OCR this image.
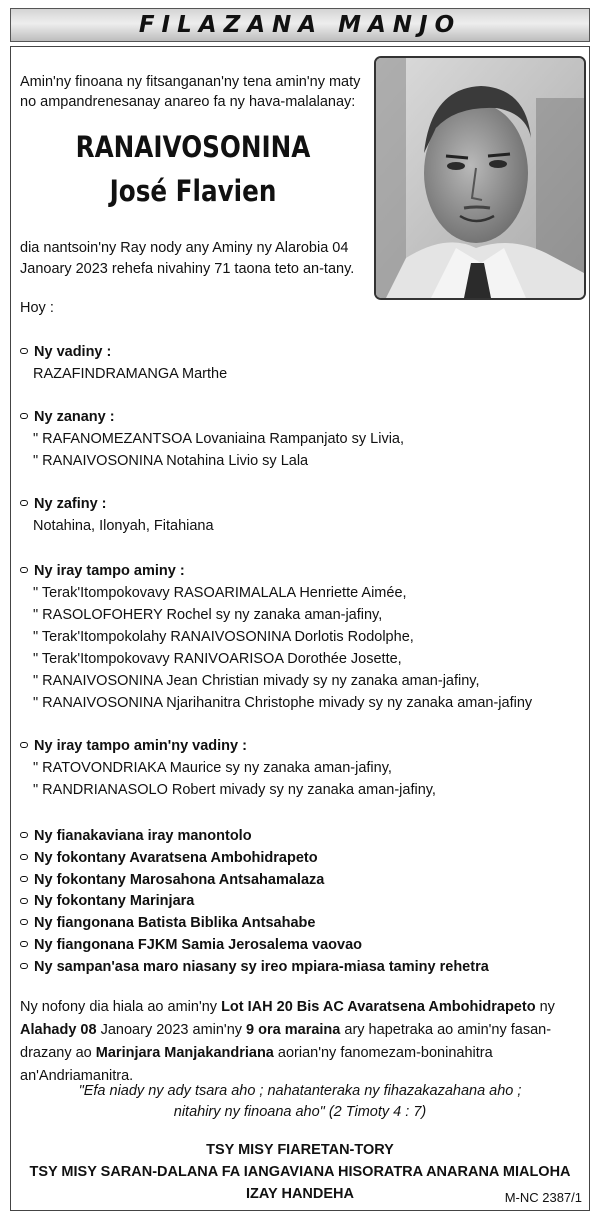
FILAZANA MANJO
Amin'ny finoana ny fitsanganan'ny tena amin'ny maty no ampandrenesanay anareo fa ny hava-malalanay:
RANAIVOSONINA
José Flavien
dia nantsoin'ny Ray nody any Aminy ny Alarobia 04 Janoary 2023 rehefa nivahiny 71 taona teto an-tany.
Hoy :
Ny vadiny :
RAZAFINDRAMANGA Marthe
Ny zanany :
" RAFANOMEZANTSOA Lovaniaina Rampanjato sy Livia,
" RANAIVOSONINA Notahina Livio sy Lala
Ny zafiny :
Notahina, Ilonyah, Fitahiana
Ny iray tampo aminy :
" Terak'Itompokovavy RASOARIMALALA Henriette Aimée,
" RASOLOFOHERY Rochel sy ny zanaka aman-jafiny,
" Terak'Itompokolahy RANAIVOSONINA Dorlotis Rodolphe,
" Terak'Itompokovavy RANIVOARISOA Dorothée Josette,
" RANAIVOSONINA Jean Christian mivady sy ny zanaka aman-jafiny,
" RANAIVOSONINA Njarihanitra Christophe mivady sy ny zanaka aman-jafiny
Ny iray tampo amin'ny vadiny :
" RATOVONDRIAKA Maurice sy ny zanaka aman-jafiny,
" RANDRIANASOLO Robert mivady sy ny zanaka aman-jafiny,
Ny fianakaviana iray manontolo
Ny fokontany Avaratsena Ambohidrapeto
Ny fokontany Marosahona Antsahamalaza
Ny fokontany Marinjara
Ny fiangonana Batista Biblika Antsahabe
Ny fiangonana FJKM Samia Jerosalema vaovao
Ny sampan'asa maro niasany sy ireo mpiara-miasa taminy rehetra
Ny nofony dia hiala ao amin'ny Lot IAH 20 Bis AC Avaratsena Ambohidrapeto ny Alahady 08 Janoary 2023 amin'ny 9 ora maraina ary hapetraka ao amin'ny fasan-drazany ao Marinjara Manjakandriana aorian'ny fanomezam-boninahitra an'Andriamanitra.
"Efa niady ny ady tsara aho ; nahatanteraka ny fihazakazahana aho ;
nitahiry ny finoana aho" (2 Timoty 4 : 7)
TSY MISY FIARETAN-TORY
TSY MISY SARAN-DALANA FA IANGAVIANA HISORATRA ANARANA MIALOHA
IZAY HANDEHA	M-NC 2387/1
